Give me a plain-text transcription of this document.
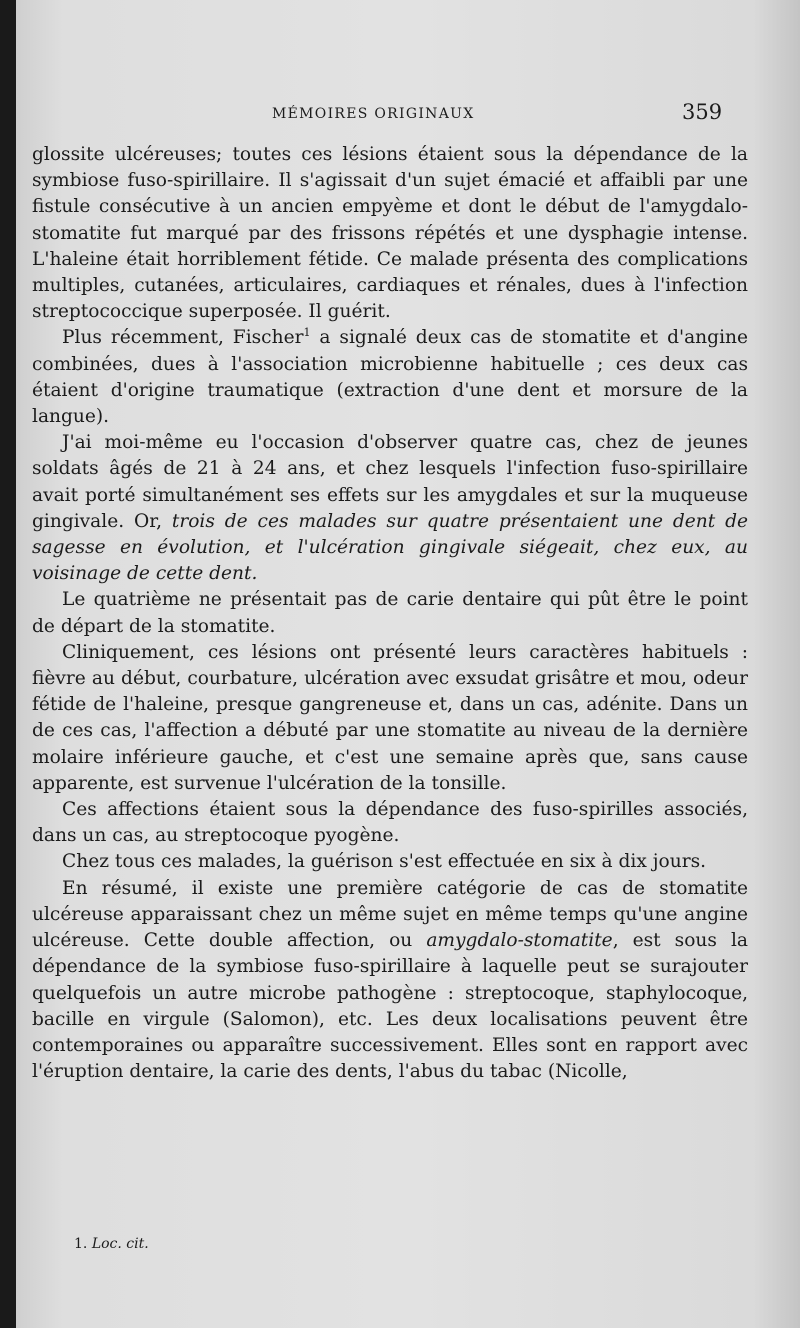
MÉMOIRES ORIGINAUX	359

glossite ulcéreuses; toutes ces lésions étaient sous la dépendance de la symbiose fuso-spirillaire. Il s'agissait d'un sujet émacié et affaibli par une fistule consécutive à un ancien empyème et dont le début de l'amygdalo-stomatite fut marqué par des frissons répétés et une dysphagie intense. L'haleine était horriblement fétide. Ce malade présenta des complications multiples, cutanées, articulaires, cardiaques et rénales, dues à l'infection streptococcique superposée. Il guérit.

Plus récemment, Fischer$^1$ a signalé deux cas de stomatite et d'angine combinées, dues à l'association microbienne habituelle ; ces deux cas étaient d'origine traumatique (extraction d'une dent et morsure de la langue).

J'ai moi-même eu l'occasion d'observer quatre cas, chez de jeunes soldats âgés de 21 à 24 ans, et chez lesquels l'infection fuso-spirillaire avait porté simultanément ses effets sur les amygdales et sur la muqueuse gingivale. Or, trois de ces malades sur quatre présentaient une dent de sagesse en évolution, et l'ulcération gingivale siégeait, chez eux, au voisinage de cette dent.

Le quatrième ne présentait pas de carie dentaire qui pût être le point de départ de la stomatite.

Cliniquement, ces lésions ont présenté leurs caractères habituels : fièvre au début, courbature, ulcération avec exsudat grisâtre et mou, odeur fétide de l'haleine, presque gangreneuse et, dans un cas, adénite. Dans un de ces cas, l'affection a débuté par une stomatite au niveau de la dernière molaire inférieure gauche, et c'est une semaine après que, sans cause apparente, est survenue l'ulcération de la tonsille.

Ces affections étaient sous la dépendance des fuso-spirilles associés, dans un cas, au streptocoque pyogène.

Chez tous ces malades, la guérison s'est effectuée en six à dix jours.

En résumé, il existe une première catégorie de cas de stomatite ulcéreuse apparaissant chez un même sujet en même temps qu'une angine ulcéreuse. Cette double affection, ou amygdalo-stomatite, est sous la dépendance de la symbiose fuso-spirillaire à laquelle peut se surajouter quelquefois un autre microbe pathogène : streptocoque, staphylocoque, bacille en virgule (Salomon), etc. Les deux localisations peuvent être contemporaines ou apparaître successivement. Elles sont en rapport avec l'éruption dentaire, la carie des dents, l'abus du tabac (Nicolle,

1. Loc. cit.
